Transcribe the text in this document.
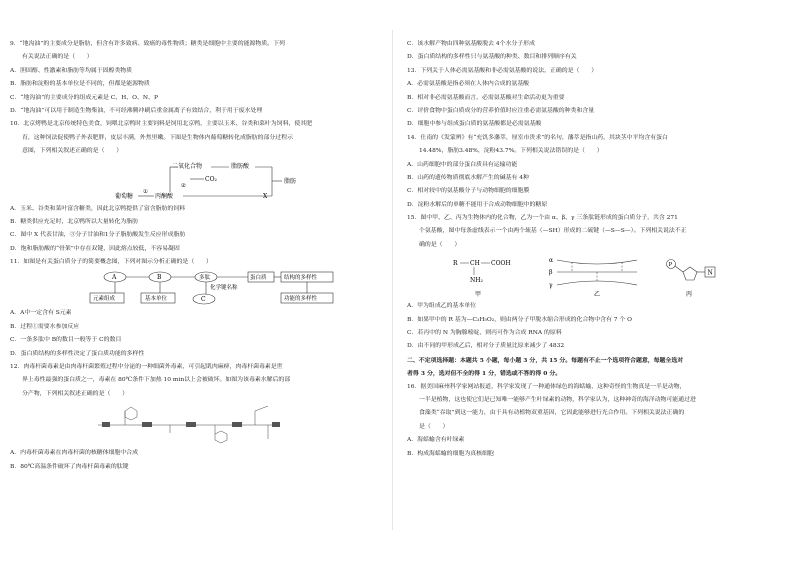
9．“地沟油”的主要成分是脂肪，但含有许多致病、致癌的毒性物质；糖类是细胞中主要的能源物质。下列
有关说法正确的是（　　）
A．胆固醇、性激素和脂肪等均属于固醇类物质
B．脂肪和淀粉的基本单位是不同的，但都是能源物质
C．“地沟油”的主要成分的组成元素是 C、H、O、N、P
D．“地沟油”可以用于制造生物柴油，不可经沸腾冲刷后重金属离子有效结合，利于用于废水处理
10．北京烤鸭是北京传统特色美食，饲喂北京鸭时主要饲料是饲用北京鸭，主要以玉米、谷类和菜叶为饲料，使其肥
育，这种饲法促使鸭子外表肥胖，皮层丰满，外焦里嫩。下图是生物体内葡萄糖转化成脂肪的部分过程示
意图，下列相关叙述正确的是（　　）
葡萄糖	丙酮酸
二氧化合物	脂肪酸
CO₂	脂肪
X
①
②
A．玉米、谷类和菜叶富含糖类，因此北京鸭提供了富含脂肪的饲料
B．糖类供应充足时，北京鸭所以大量转化为脂肪
C．图中 X 代表甘油，③分子甘油和1分子脂肪酸发生反应形成脂肪
D．饱和脂肪酸的“骨架”中存在双键，因此熔点较低，不容易凝固
11．如图是有关蛋白质分子的简要概念图，下列对图示分析正确的是（　　）
A	B
C
多肽	蛋白质	结构的多样性
元素组成	基本单位
化学键名称
功能的多样性
A．A中一定含有 S元素
B．过程①需要水参加反应
C．一条多肽中 B的数目一般等于 C的数目
D．蛋白质结构的多样性决定了蛋白质功能的多样性
12．肉毒杆菌毒素是由肉毒杆菌繁殖过程中分泌的一种细菌外毒素，可引起肌肉麻痹，肉毒杆菌毒素是世
界上毒性最强的蛋白质之一，毒素在 80℃条件下加热 10 min以上会被破坏。如图为该毒素水解后的部
分产物，下列相关叙述正确的是（　　）
A．内毒杆菌毒素在肉毒杆菌的核糖体细胞中合成
B．80℃高温条件破坏了肉毒杆菌毒素的肽键
C．该水解产物由四种氨基酸脱去 4个水分子形成
D．蛋白质结构的多样性只与氨基酸的种类、数目和排列顺序有关
13．下列关于人体必需氨基酸和非必需氨基酸的说法，正确的是（　　）
A．必需氨基酸是指必须在人体内合成的氨基酸
B．相对非必需氨基酸而言，必需氨基酸对生命活动更为重要
C．评价食物中蛋白质成分的营养价值时应注重必需氨基酸的种类和含量
D．细胞中参与组成蛋白质的氨基酸都是必需氨基酸
14．仕南的《发蒙辨》有“充饥多藩萃，厘室市贵求”的名句，藩萃是指山药，其块茎中平均含有蛋白
14.48%，脂肪3.48%，淀粉43.7%。下列相关说法错误的是（　　）
A．山药细胞中的部分蛋白质具有运输功能
B．山药的遗传物质彻底水解产生的碱基有 4种
C．相对较中的氨基酸分子与动物细胞的细胞膜
D．淀粉水解后的单糖不能用于合成动物细胞中的糖原
15．图中甲、乙、丙为生物体内的化合物，乙为一个由 α、β、γ 三条肽链形成的蛋白质分子，共含 271
个氨基酸，图中每条虚线表示一个由两个巯基（—SH）形成的二硫键（—S—S—）。下列相关说法不正
确的是（　　）
R CH COOH
NH₂
甲
α
β
γ
乙
P
N
丙
A．甲为组成乙的基本单位
B．如果甲中的 R 基为—C₃H₅O₂，则由两分子甲脱水缩合形成的化合物中含有 7 个 O
C．若丙中的 N 为胸腺嘧啶，则丙可作为合成 RNA 的原料
D．由不同的甲形成乙后，相对分子质量比原来减少了 4832
二、不定项选择题：本题共 5 小题，每小题 3 分，共 15 分。每题有不止一个选项符合题意，每题全选对
者得 3 分，选对但不全的得 1 分，错选或不答的得 0 分。
16．据美国麻州科学家网站报道，科学家发现了一种通体绿色的海蛞蝓，这种奇怪的生物真是一半是动物，
一半是植物，这也使它们是已知唯一能够产生叶绿素的动物，科学家认为，这种神奇的海洋动物可能通过进
食藻类“吞取”到这一能力，由于具有动植物双重基因，它因此能够进行光合作用。下列相关说法正确的
是（　　）
A．海蛞蝓含有叶绿素
B．构成海蛞蝓的细胞为真核细胞
